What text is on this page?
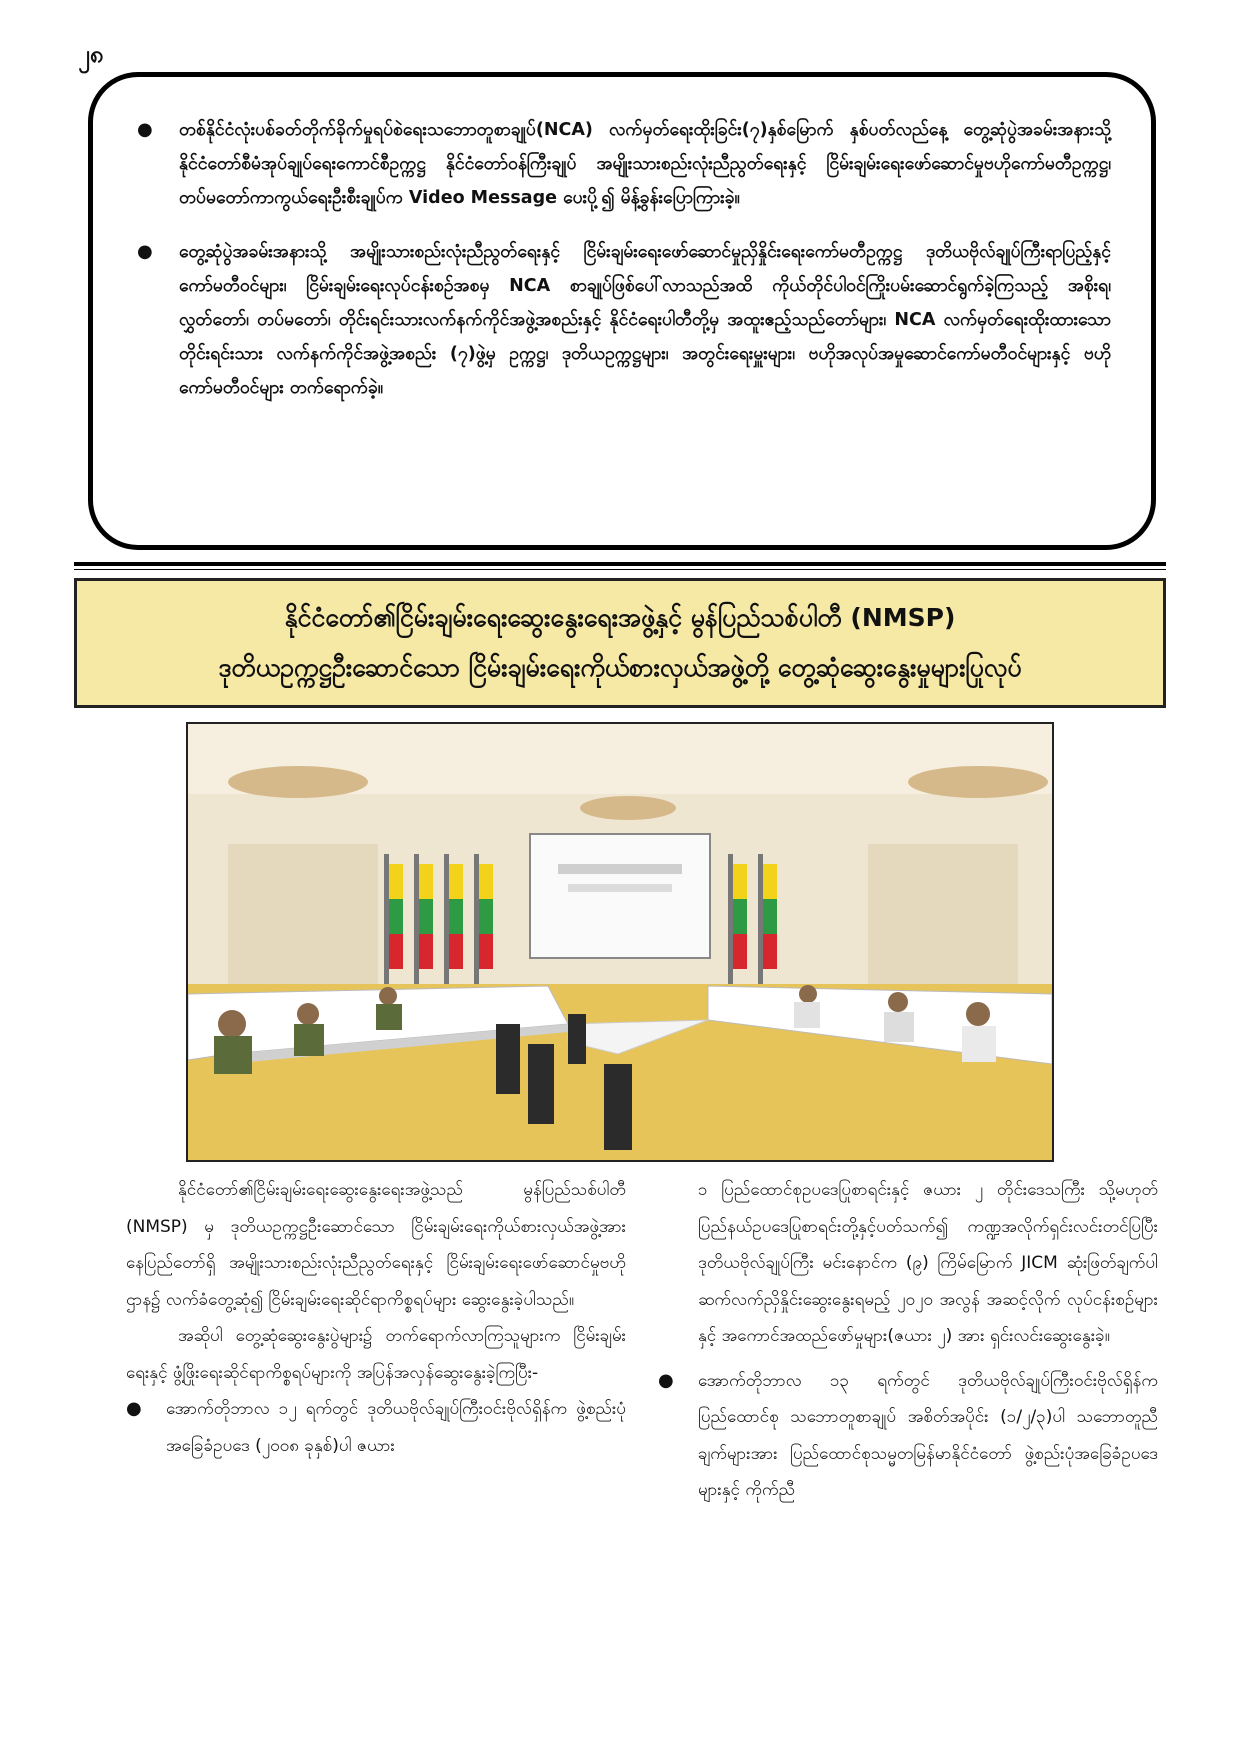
၂၈
● တစ်နိုင်ငံလုံးပစ်ခတ်တိုက်ခိုက်မှုရပ်စဲရေးသဘောတူစာချုပ်(NCA) လက်မှတ်ရေးထိုးခြင်း(၇)နှစ်မြောက် နှစ်ပတ်လည်နေ့ တွေ့ဆုံပွဲအခမ်းအနားသို့ နိုင်ငံတော်စီမံအုပ်ချုပ်ရေးကောင်စီဥက္ကဋ္ဌ နိုင်ငံတော်ဝန်ကြီးချုပ် အမျိုးသားစည်းလုံးညီညွတ်ရေးနှင့် ငြိမ်းချမ်းရေးဖော်ဆောင်မှုဗဟိုကော်မတီဥက္ကဋ္ဌ၊ တပ်မတော်ကာကွယ်ရေးဦးစီးချုပ်က Video Message ပေးပို့၍ မိန့်ခွန်းပြောကြားခဲ့။
● တွေ့ဆုံပွဲအခမ်းအနားသို့ အမျိုးသားစည်းလုံးညီညွတ်ရေးနှင့် ငြိမ်းချမ်းရေးဖော်ဆောင်မှုညှိနှိုင်းရေးကော်မတီဥက္ကဋ္ဌ ဒုတိယဗိုလ်ချုပ်ကြီးရာပြည့်နှင့် ကော်မတီဝင်များ၊ ငြိမ်းချမ်းရေးလုပ်ငန်းစဉ်အစမှ NCA စာချုပ်ဖြစ်ပေါ်လာသည်အထိ ကိုယ်တိုင်ပါဝင်ကြိုးပမ်းဆောင်ရွက်ခဲ့ကြသည့် အစိုးရ၊ လွှတ်တော်၊ တပ်မတော်၊ တိုင်းရင်းသားလက်နက်ကိုင်အဖွဲ့အစည်းနှင့် နိုင်ငံရေးပါတီတို့မှ အထူးဧည့်သည်တော်များ၊ NCA လက်မှတ်ရေးထိုးထားသော တိုင်းရင်းသား လက်နက်ကိုင်အဖွဲ့အစည်း (၇)ဖွဲ့မှ ဥက္ကဋ္ဌ၊ ဒုတိယဥက္ကဋ္ဌများ၊ အတွင်းရေးမှူးများ၊ ဗဟိုအလုပ်အမှုဆောင်ကော်မတီဝင်များနှင့် ဗဟိုကော်မတီဝင်များ တက်ရောက်ခဲ့။
နိုင်ငံတော်၏ငြိမ်းချမ်းရေးဆွေးနွေးရေးအဖွဲ့နှင့် မွန်ပြည်သစ်ပါတီ (NMSP)
ဒုတိယဥက္ကဋ္ဌဦးဆောင်သော ငြိမ်းချမ်းရေးကိုယ်စားလှယ်အဖွဲ့တို့ တွေ့ဆုံဆွေးနွေးမှုများပြုလုပ်

နိုင်ငံတော်၏ငြိမ်းချမ်းရေးဆွေးနွေးရေးအဖွဲ့သည် မွန်ပြည်သစ်ပါတီ (NMSP) မှ ဒုတိယဥက္ကဋ္ဌဦးဆောင်သော ငြိမ်းချမ်းရေးကိုယ်စားလှယ်အဖွဲ့အား နေပြည်တော်ရှိ အမျိုးသားစည်းလုံးညီညွတ်ရေးနှင့် ငြိမ်းချမ်းရေးဖော်ဆောင်မှုဗဟိုဌာန၌ လက်ခံတွေ့ဆုံ၍ ငြိမ်းချမ်းရေးဆိုင်ရာကိစ္စရပ်များ ဆွေးနွေးခဲ့ပါသည်။

အဆိုပါ တွေ့ဆုံဆွေးနွေးပွဲများ၌ တက်ရောက်လာကြသူများက ငြိမ်းချမ်းရေးနှင့် ဖွံ့ဖြိုးရေးဆိုင်ရာကိစ္စရပ်များကို အပြန်အလှန်ဆွေးနွေးခဲ့ကြပြီး-

● အောက်တိုဘာလ ၁၂ ရက်တွင် ဒုတိယဗိုလ်ချုပ်ကြီးဝင်းဗိုလ်ရှိန်က ဖွဲ့စည်းပုံအခြေခံဥပဒေ (၂၀၀၈ ခုနှစ်)ပါ ဇယား

၁ ပြည်ထောင်စုဥပဒေပြုစာရင်းနှင့် ဇယား ၂ တိုင်းဒေသကြီး သို့မဟုတ် ပြည်နယ်ဥပဒေပြုစာရင်းတို့နှင့်ပတ်သက်၍ ကဏ္ဍအလိုက်ရှင်းလင်းတင်ပြပြီး ဒုတိယဗိုလ်ချုပ်ကြီး မင်းနောင်က (၉) ကြိမ်မြောက် JICM ဆုံးဖြတ်ချက်ပါ ဆက်လက်ညှိနှိုင်းဆွေးနွေးရမည့် ၂၀၂၀ အလွန် အဆင့်လိုက် လုပ်ငန်းစဉ်များနှင့် အကောင်အထည်ဖော်မှုများ(ဇယား ၂) အား ရှင်းလင်းဆွေးနွေးခဲ့။

● အောက်တိုဘာလ ၁၃ ရက်တွင် ဒုတိယဗိုလ်ချုပ်ကြီးဝင်းဗိုလ်ရှိန်က ပြည်ထောင်စု သဘောတူစာချုပ် အစိတ်အပိုင်း (၁/၂/၃)ပါ သဘောတူညီချက်များအား ပြည်ထောင်စုသမ္မတမြန်မာနိုင်ငံတော် ဖွဲ့စည်းပုံအခြေခံဥပဒေများနှင့် ကိုက်ညီ
